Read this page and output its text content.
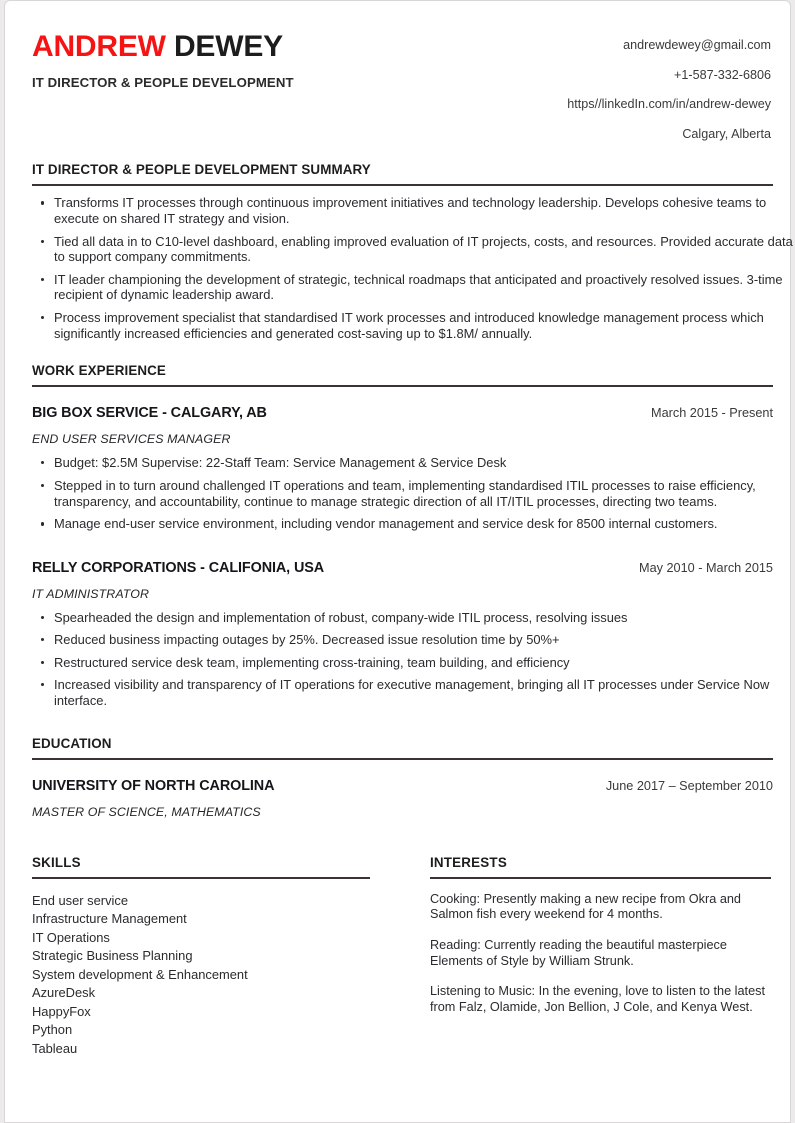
ANDREW DEWEY
IT DIRECTOR & PEOPLE DEVELOPMENT
andrewdewey@gmail.com
+1-587-332-6806
https//linkedIn.com/in/andrew-dewey
Calgary, Alberta
IT DIRECTOR & PEOPLE DEVELOPMENT SUMMARY
Transforms IT processes through continuous improvement initiatives and technology leadership. Develops cohesive teams to execute on shared IT strategy and vision.
Tied all data in to C10-level dashboard, enabling improved evaluation of IT projects, costs, and resources. Provided accurate data to support company commitments.
IT leader championing the development of strategic, technical roadmaps that anticipated and proactively resolved issues. 3-time recipient of dynamic leadership award.
Process improvement specialist that standardised IT work processes and introduced knowledge management process which significantly increased efficiencies and generated cost-saving up to $1.8M/ annually.
WORK EXPERIENCE
BIG BOX SERVICE - CALGARY, AB	March 2015 - Present
END USER SERVICES MANAGER
Budget: $2.5M Supervise: 22-Staff Team: Service Management & Service Desk
Stepped in to turn around challenged IT operations and team, implementing standardised ITIL processes to raise efficiency, transparency, and accountability, continue to manage strategic direction of all IT/ITIL processes, directing two teams.
Manage end-user service environment, including vendor management and service desk for 8500 internal customers.
RELLY CORPORATIONS - CALIFONIA, USA	May 2010 - March 2015
IT ADMINISTRATOR
Spearheaded the design and implementation of robust, company-wide ITIL process, resolving issues
Reduced business impacting outages by 25%. Decreased issue resolution time by 50%+
Restructured service desk team, implementing cross-training, team building, and efficiency
Increased visibility and transparency of IT operations for executive management, bringing all IT processes under Service Now interface.
EDUCATION
UNIVERSITY OF NORTH CAROLINA	June 2017 – September 2010
MASTER OF SCIENCE, MATHEMATICS
SKILLS
End user service
Infrastructure Management
IT Operations
Strategic Business Planning
System development & Enhancement
AzureDesk
HappyFox
Python
Tableau
INTERESTS
Cooking: Presently making a new recipe from Okra and Salmon fish every weekend for 4 months.
Reading: Currently reading the beautiful masterpiece Elements of Style by William Strunk.
Listening to Music: In the evening, love to listen to the latest from Falz, Olamide, Jon Bellion, J Cole, and Kenya West.
